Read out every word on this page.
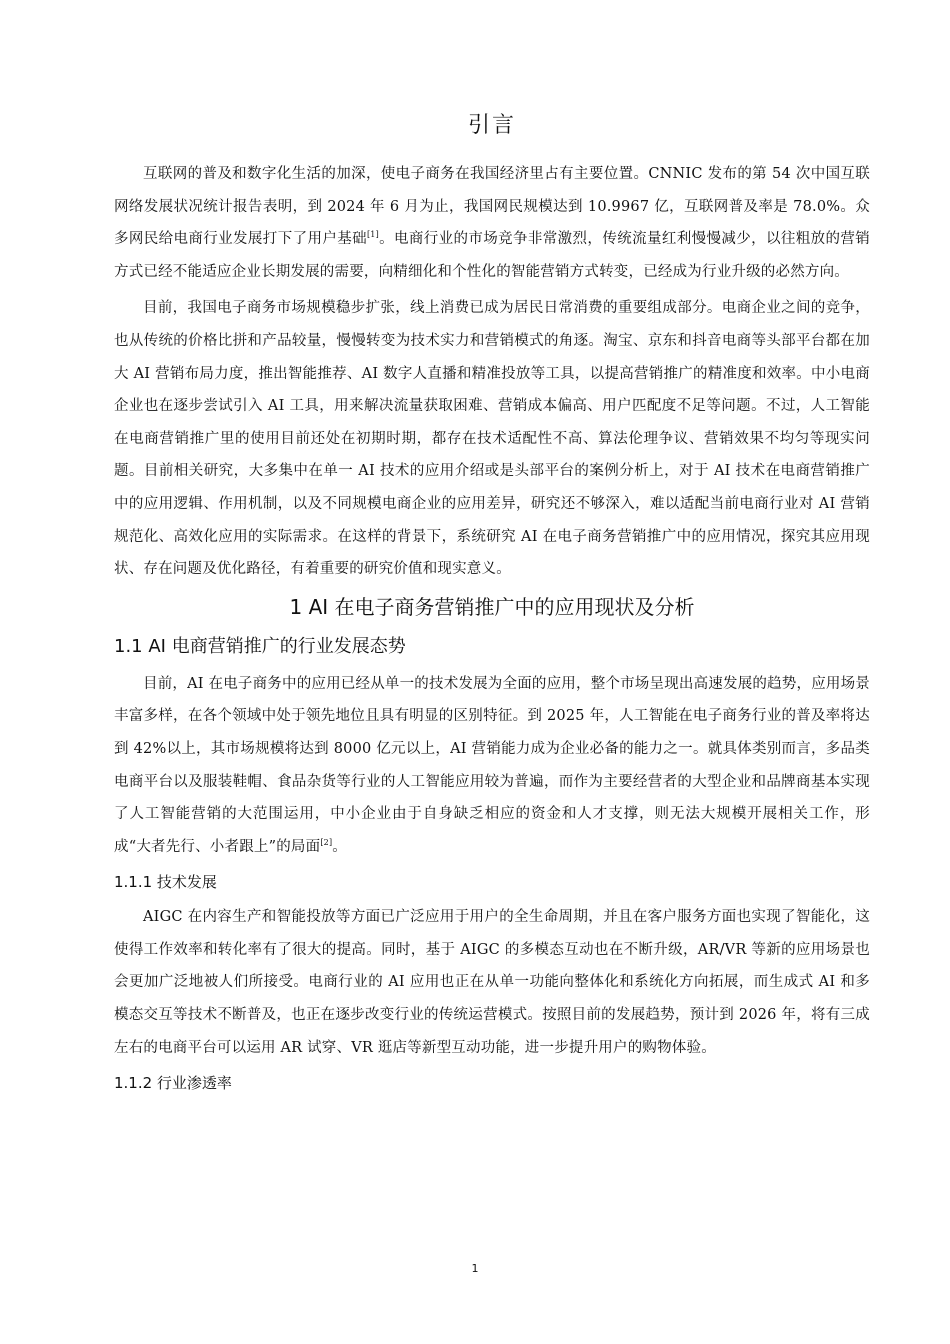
引言

互联网的普及和数字化生活的加深，使电子商务在我国经济里占有主要位置。CNNIC 发布的第 54 次中国互联网络发展状况统计报告表明，到 2024 年 6 月为止，我国网民规模达到 10.9967 亿，互联网普及率是 78.0%。众多网民给电商行业发展打下了用户基础[1]。电商行业的市场竞争非常激烈，传统流量红利慢慢减少，以往粗放的营销方式已经不能适应企业长期发展的需要，向精细化和个性化的智能营销方式转变，已经成为行业升级的必然方向。

目前，我国电子商务市场规模稳步扩张，线上消费已成为居民日常消费的重要组成部分。电商企业之间的竞争，也从传统的价格比拼和产品较量，慢慢转变为技术实力和营销模式的角逐。淘宝、京东和抖音电商等头部平台都在加大 AI 营销布局力度，推出智能推荐、AI 数字人直播和精准投放等工具，以提高营销推广的精准度和效率。中小电商企业也在逐步尝试引入 AI 工具，用来解决流量获取困难、营销成本偏高、用户匹配度不足等问题。不过，人工智能在电商营销推广里的使用目前还处在初期时期，都存在技术适配性不高、算法伦理争议、营销效果不均匀等现实问题。目前相关研究，大多集中在单一 AI 技术的应用介绍或是头部平台的案例分析上，对于 AI 技术在电商营销推广中的应用逻辑、作用机制，以及不同规模电商企业的应用差异，研究还不够深入，难以适配当前电商行业对 AI 营销规范化、高效化应用的实际需求。在这样的背景下，系统研究 AI 在电子商务营销推广中的应用情况，探究其应用现状、存在问题及优化路径，有着重要的研究价值和现实意义。

1 AI 在电子商务营销推广中的应用现状及分析
1.1 AI 电商营销推广的行业发展态势

目前，AI 在电子商务中的应用已经从单一的技术发展为全面的应用，整个市场呈现出高速发展的趋势，应用场景丰富多样，在各个领域中处于领先地位且具有明显的区别特征。到 2025 年，人工智能在电子商务行业的普及率将达到 42%以上，其市场规模将达到 8000 亿元以上，AI 营销能力成为企业必备的能力之一。就具体类别而言，多品类电商平台以及服装鞋帽、食品杂货等行业的人工智能应用较为普遍，而作为主要经营者的大型企业和品牌商基本实现了人工智能营销的大范围运用，中小企业由于自身缺乏相应的资金和人才支撑，则无法大规模开展相关工作，形成“大者先行、小者跟上”的局面[2]。

1.1.1 技术发展

AIGC 在内容生产和智能投放等方面已广泛应用于用户的全生命周期，并且在客户服务方面也实现了智能化，这使得工作效率和转化率有了很大的提高。同时，基于 AIGC 的多模态互动也在不断升级，AR/VR 等新的应用场景也会更加广泛地被人们所接受。电商行业的 AI 应用也正在从单一功能向整体化和系统化方向拓展，而生成式 AI 和多模态交互等技术不断普及，也正在逐步改变行业的传统运营模式。按照目前的发展趋势，预计到 2026 年，将有三成左右的电商平台可以运用 AR 试穿、VR 逛店等新型互动功能，进一步提升用户的购物体验。

1.1.2 行业渗透率
1
